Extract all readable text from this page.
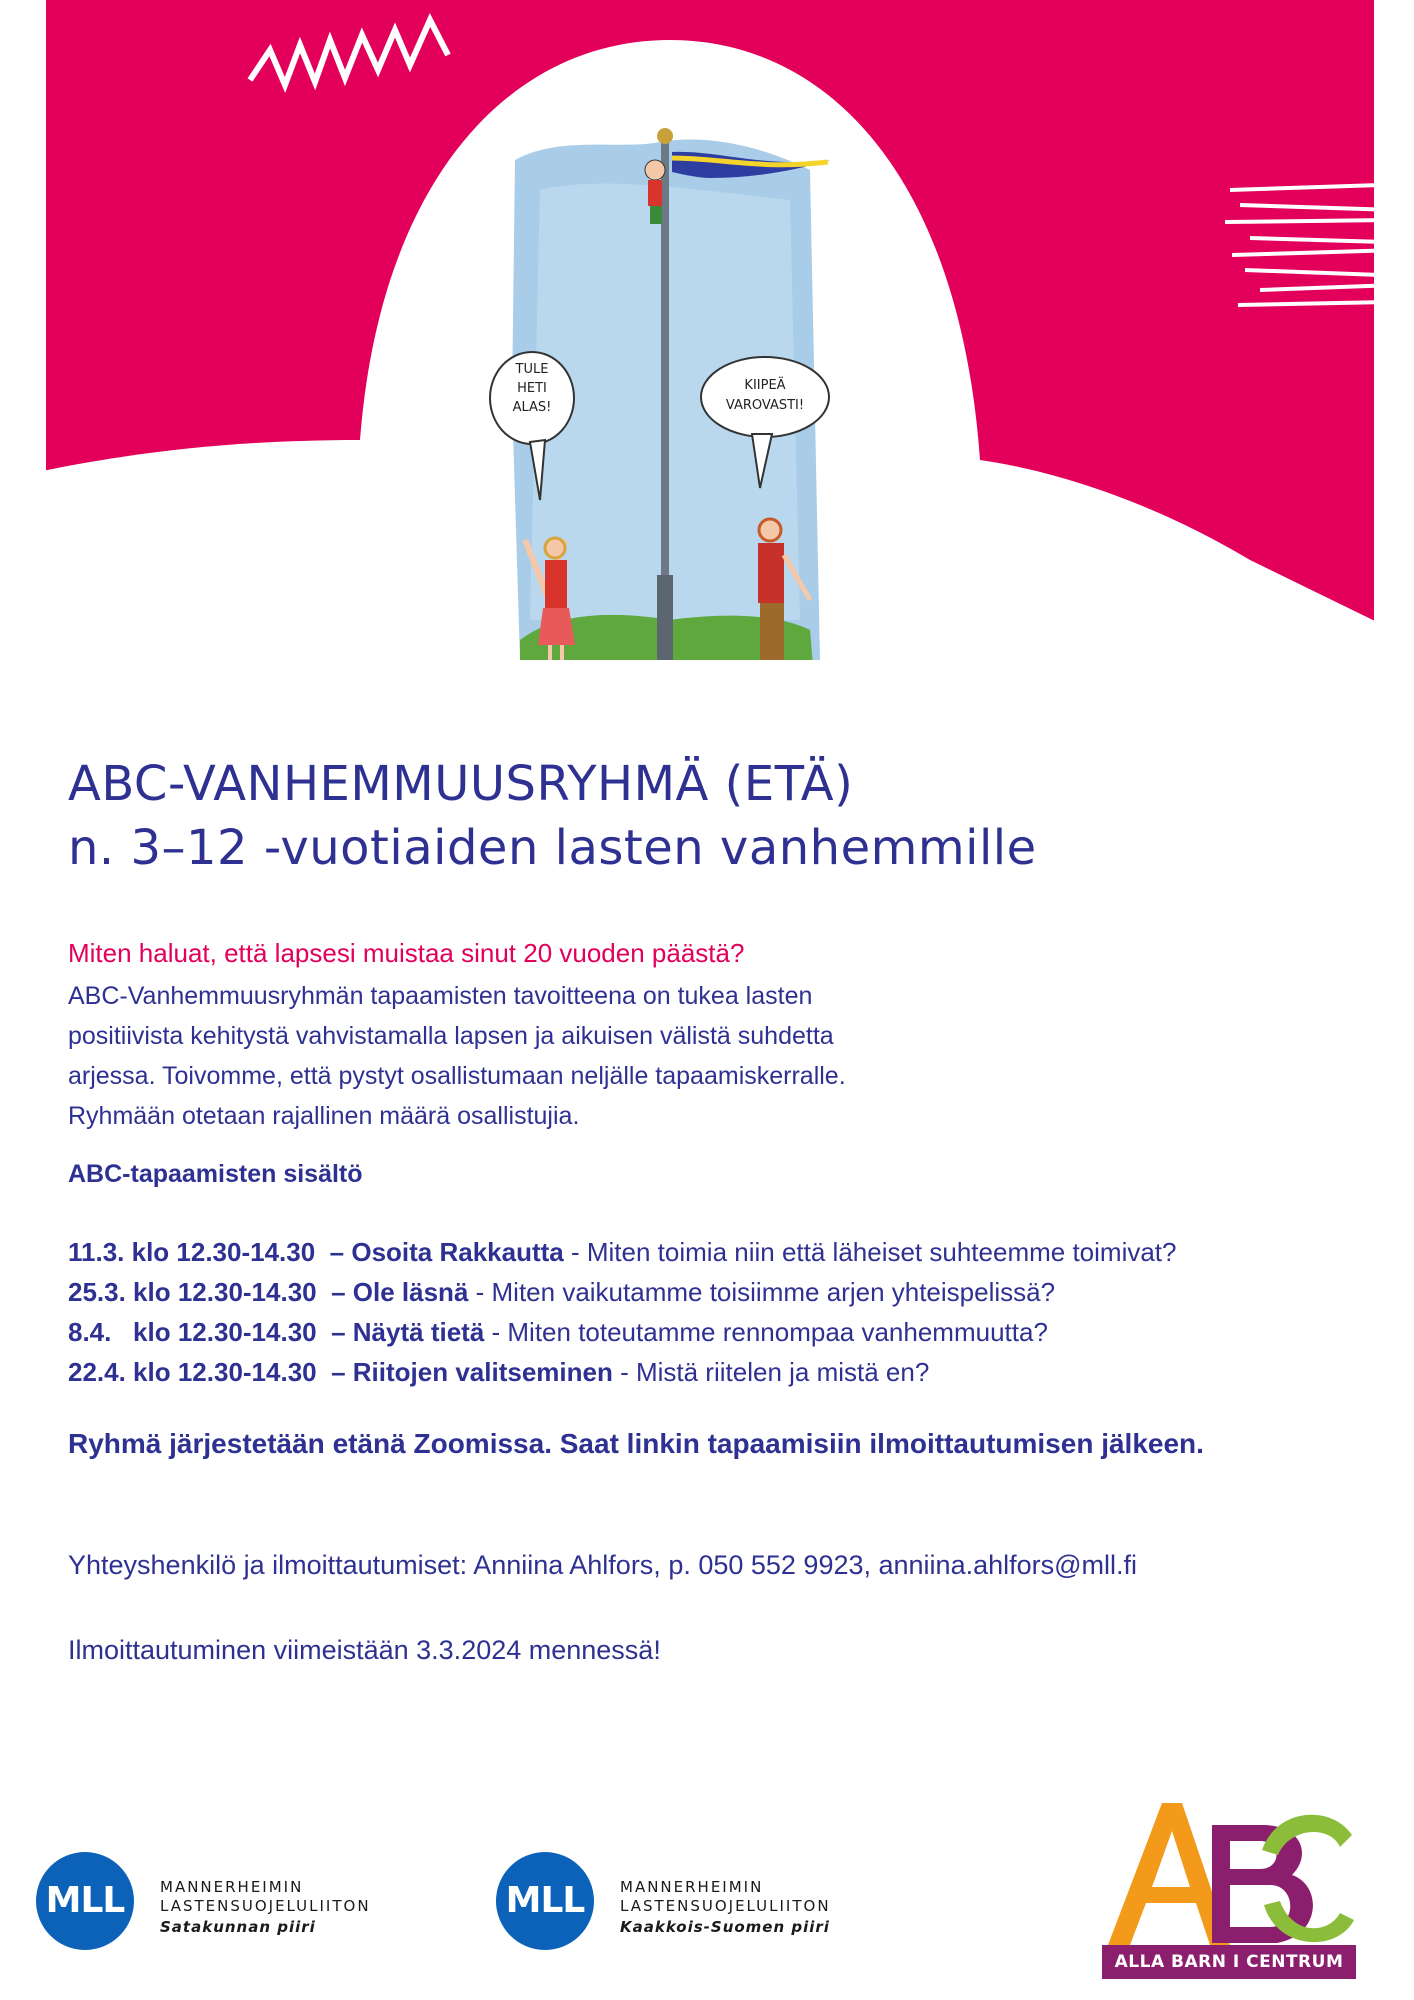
TULE
HETI
ALAS!
KIIPEÄ
VAROVASTI!
ABC-VANHEMMUUSRYHMÄ (ETÄ)
n. 3–12 -vuotiaiden lasten vanhemmille
Miten haluat, että lapsesi muistaa sinut 20 vuoden päästä?
ABC-Vanhemmuusryhmän tapaamisten tavoitteena on tukea lasten
positiivista kehitystä vahvistamalla lapsen ja aikuisen välistä suhdetta
arjessa. Toivomme, että pystyt osallistumaan neljälle tapaamiskerralle.
Ryhmään otetaan rajallinen määrä osallistujia.
ABC-tapaamisten sisältö
11.3. klo 12.30-14.30 – Osoita Rakkautta - Miten toimia niin että läheiset suhteemme toimivat?
25.3. klo 12.30-14.30 – Ole läsnä - Miten vaikutamme toisiimme arjen yhteispelissä?
8.4.   klo 12.30-14.30 – Näytä tietä - Miten toteutamme rennompaa vanhemmuutta?
22.4. klo 12.30-14.30 – Riitojen valitseminen - Mistä riitelen ja mistä en?
Ryhmä järjestetään etänä Zoomissa. Saat linkin tapaamisiin ilmoittautumisen jälkeen.
Yhteyshenkilö ja ilmoittautumiset: Anniina Ahlfors, p. 050 552 9923, anniina.ahlfors@mll.fi
Ilmoittautuminen viimeistään 3.3.2024 mennessä!
MLL	MANNERHEIMIN
LASTENSUOJELULIITON
Satakunnan piiri
MLL	MANNERHEIMIN
LASTENSUOJELULIITON
Kaakkois-Suomen piiri
ALLA BARN I CENTRUM
